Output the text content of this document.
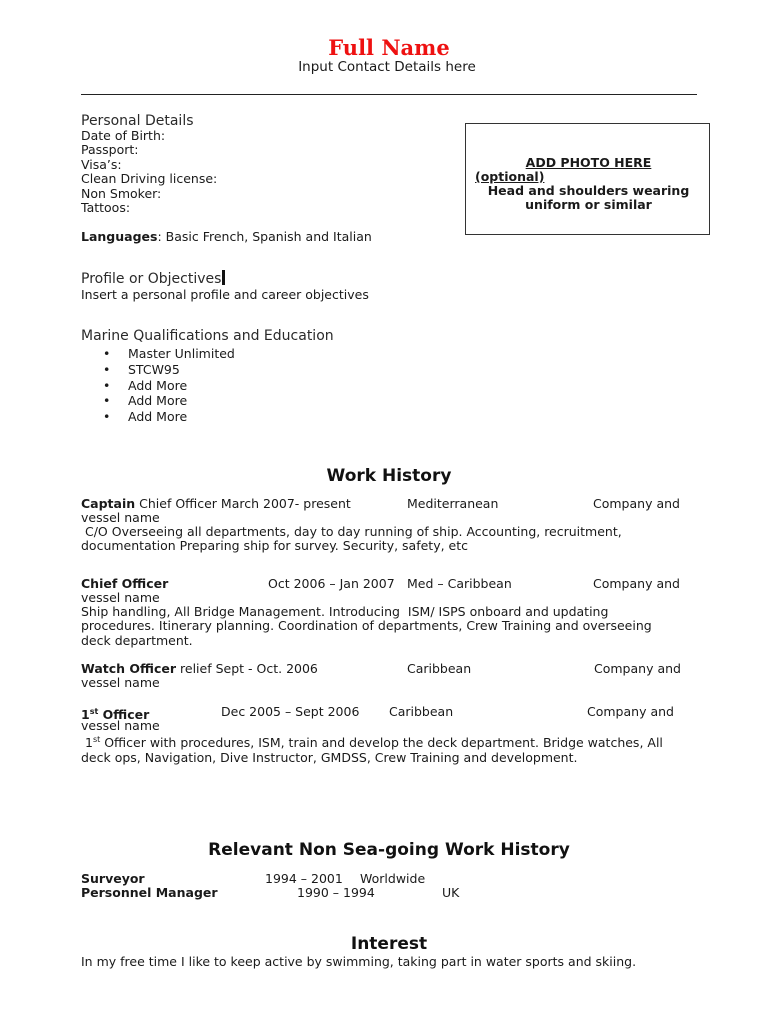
Full Name
Input Contact Details here
Personal Details
Date of Birth:
Passport:
Visa’s:
Clean Driving license:
Non Smoker:
Tattoos:
Languages: Basic French, Spanish and Italian
ADD PHOTO HERE
(optional)
Head and shoulders wearing
uniform or similar
Profile or Objectives
Insert a personal profile and career objectives
Marine Qualifications and Education
• Master Unlimited
• STCW95
• Add More
• Add More
• Add More
Work History
Captain Chief Officer March 2007- present	Mediterranean	Company and
vessel name
C/O Overseeing all departments, day to day running of ship. Accounting, recruitment,
documentation Preparing ship for survey. Security, safety, etc
Chief Officer	Oct 2006 – Jan 2007 Med – Caribbean	Company and
vessel name
Ship handling, All Bridge Management. Introducing  ISM/ ISPS onboard and updating
procedures. Itinerary planning. Coordination of departments, Crew Training and overseeing
deck department.
Watch Officer relief Sept - Oct. 2006	Caribbean	Company and
vessel name
1st Officer	Dec 2005 – Sept 2006 Caribbean	Company and
vessel name
1st Officer with procedures, ISM, train and develop the deck department. Bridge watches, All
deck ops, Navigation, Dive Instructor, GMDSS, Crew Training and development.
Relevant Non Sea-going Work History
Surveyor	1994 – 2001 Worldwide
Personnel Manager	1990 – 1994	UK
Interest
In my free time I like to keep active by swimming, taking part in water sports and skiing.
